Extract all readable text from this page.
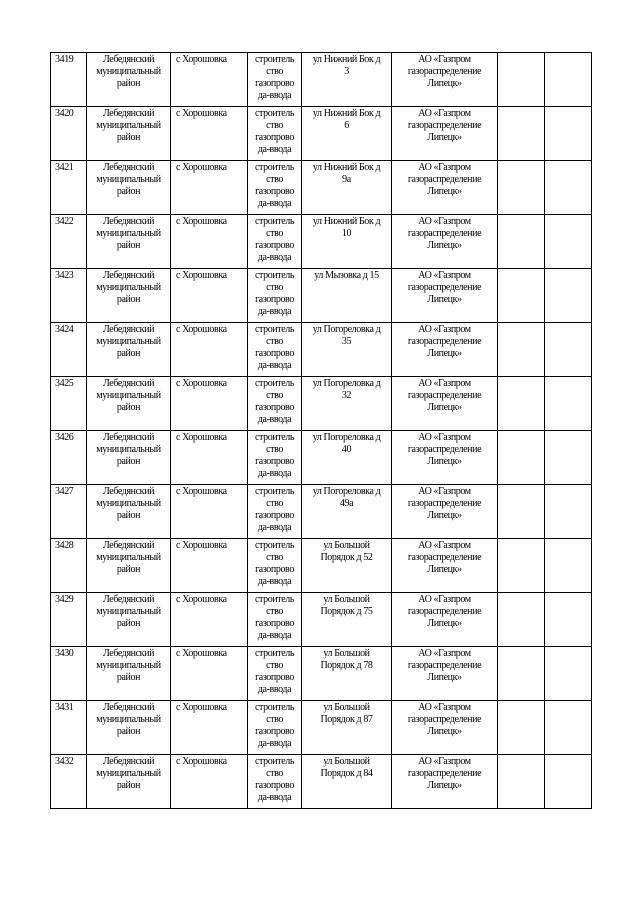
3419	Лебедянский
муниципальный
район	с Хорошовка	строитель
ство
газопрово
да-ввода	ул Нижний Бок д
3	АО «Газпром
газораспределение
Липецк»		
3420	Лебедянский
муниципальный
район	с Хорошовка	строитель
ство
газопрово
да-ввода	ул Нижний Бок д
6	АО «Газпром
газораспределение
Липецк»		
3421	Лебедянский
муниципальный
район	с Хорошовка	строитель
ство
газопрово
да-ввода	ул Нижний Бок д
9а	АО «Газпром
газораспределение
Липецк»		
3422	Лебедянский
муниципальный
район	с Хорошовка	строитель
ство
газопрово
да-ввода	ул Нижний Бок д
10	АО «Газпром
газораспределение
Липецк»		
3423	Лебедянский
муниципальный
район	с Хорошовка	строитель
ство
газопрово
да-ввода	ул Мызовка д 15	АО «Газпром
газораспределение
Липецк»		
3424	Лебедянский
муниципальный
район	с Хорошовка	строитель
ство
газопрово
да-ввода	ул Погореловка д
35	АО «Газпром
газораспределение
Липецк»		
3425	Лебедянский
муниципальный
район	с Хорошовка	строитель
ство
газопрово
да-ввода	ул Погореловка д
32	АО «Газпром
газораспределение
Липецк»		
3426	Лебедянский
муниципальный
район	с Хорошовка	строитель
ство
газопрово
да-ввода	ул Погореловка д
40	АО «Газпром
газораспределение
Липецк»		
3427	Лебедянский
муниципальный
район	с Хорошовка	строитель
ство
газопрово
да-ввода	ул Погореловка д
49а	АО «Газпром
газораспределение
Липецк»		
3428	Лебедянский
муниципальный
район	с Хорошовка	строитель
ство
газопрово
да-ввода	ул Большой
Порядок д 52	АО «Газпром
газораспределение
Липецк»		
3429	Лебедянский
муниципальный
район	с Хорошовка	строитель
ство
газопрово
да-ввода	ул Большой
Порядок д 75	АО «Газпром
газораспределение
Липецк»		
3430	Лебедянский
муниципальный
район	с Хорошовка	строитель
ство
газопрово
да-ввода	ул Большой
Порядок д 78	АО «Газпром
газораспределение
Липецк»		
3431	Лебедянский
муниципальный
район	с Хорошовка	строитель
ство
газопрово
да-ввода	ул Большой
Порядок д 87	АО «Газпром
газораспределение
Липецк»		
3432	Лебедянский
муниципальный
район	с Хорошовка	строитель
ство
газопрово
да-ввода	ул Большой
Порядок д 84	АО «Газпром
газораспределение
Липецк»		
